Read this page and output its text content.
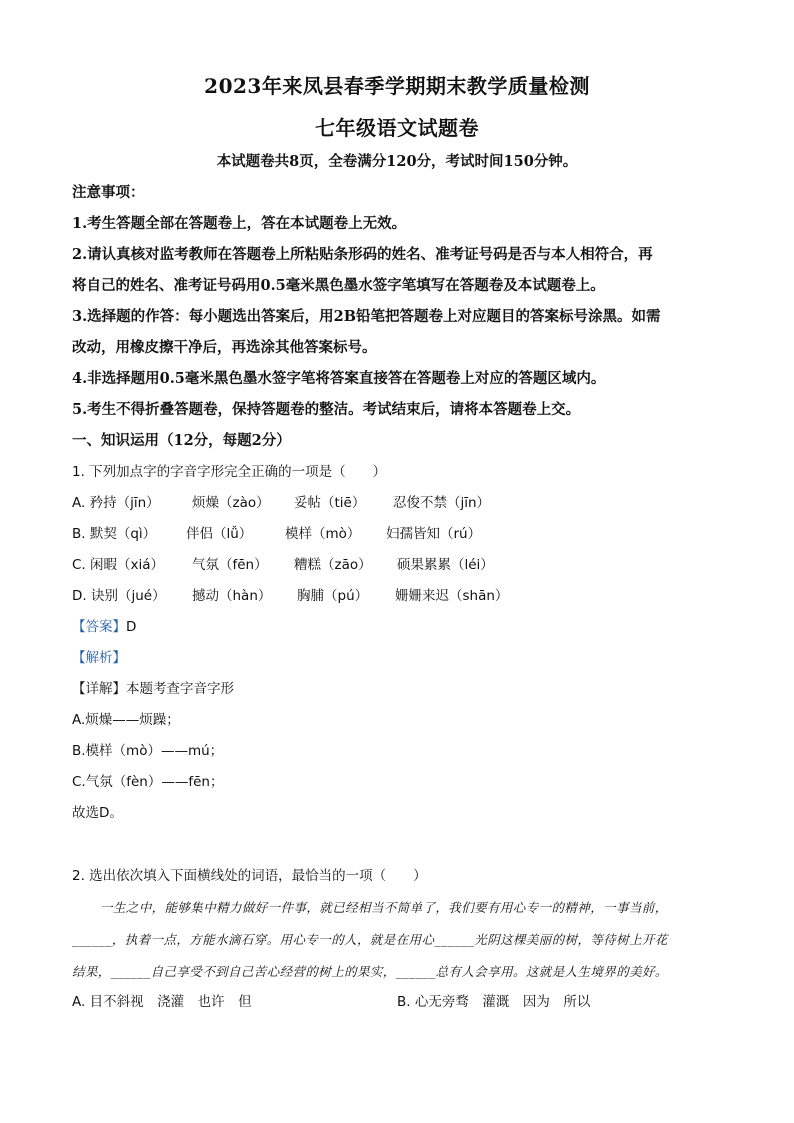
2023年来凤县春季学期期末教学质量检测
七年级语文试题卷
本试题卷共8页，全卷满分120分，考试时间150分钟。
注意事项：
1.考生答题全部在答题卷上，答在本试题卷上无效。
2.请认真核对监考教师在答题卷上所粘贴条形码的姓名、准考证号码是否与本人相符合，再
将自己的姓名、准考证号码用0.5毫米黑色墨水签字笔填写在答题卷及本试题卷上。
3.选择题的作答：每小题选出答案后，用2B铅笔把答题卷上对应题目的答案标号涂黑。如需
改动，用橡皮擦干净后，再选涂其他答案标号。
4.非选择题用0.5毫米黑色墨水签字笔将答案直接答在答题卷上对应的答题区域内。
5.考生不得折叠答题卷，保持答题卷的整洁。考试结束后，请将本答题卷上交。
一、知识运用（12分，每题2分）
1. 下列加点字的字音字形完全正确的一项是（　　）
A. 矜持（jīn） 烦燥（zào） 妥帖（tiē） 忍俊不禁（jīn）
B. 默契（qì） 伴侣（lǚ） 模样（mò） 妇孺皆知（rú）
C. 闲暇（xiá） 气氛（fēn） 糟糕（zāo） 硕果累累（léi）
D. 诀别（jué） 撼动（hàn） 胸脯（pú） 姗姗来迟（shān）
【答案】D
【解析】
【详解】本题考查字音字形
A.烦燥——烦躁；
B.模样（mò）——mú；
C.气氛（fèn）——fēn；
故选D。
2. 选出依次填入下面横线处的词语，最恰当的一项（　　）
一生之中，能够集中精力做好一件事，就已经相当不简单了，我们要有用心专一的精神，一事当前，
______，执着一点，方能水滴石穿。用心专一的人，就是在用心______光阴这棵美丽的树，等待树上开花
结果，______自己享受不到自己苦心经营的树上的果实，______总有人会享用。这就是人生境界的美好。
A. 目不斜视　浇灌　也许　但	B. 心无旁骛　灌溉　因为　所以
